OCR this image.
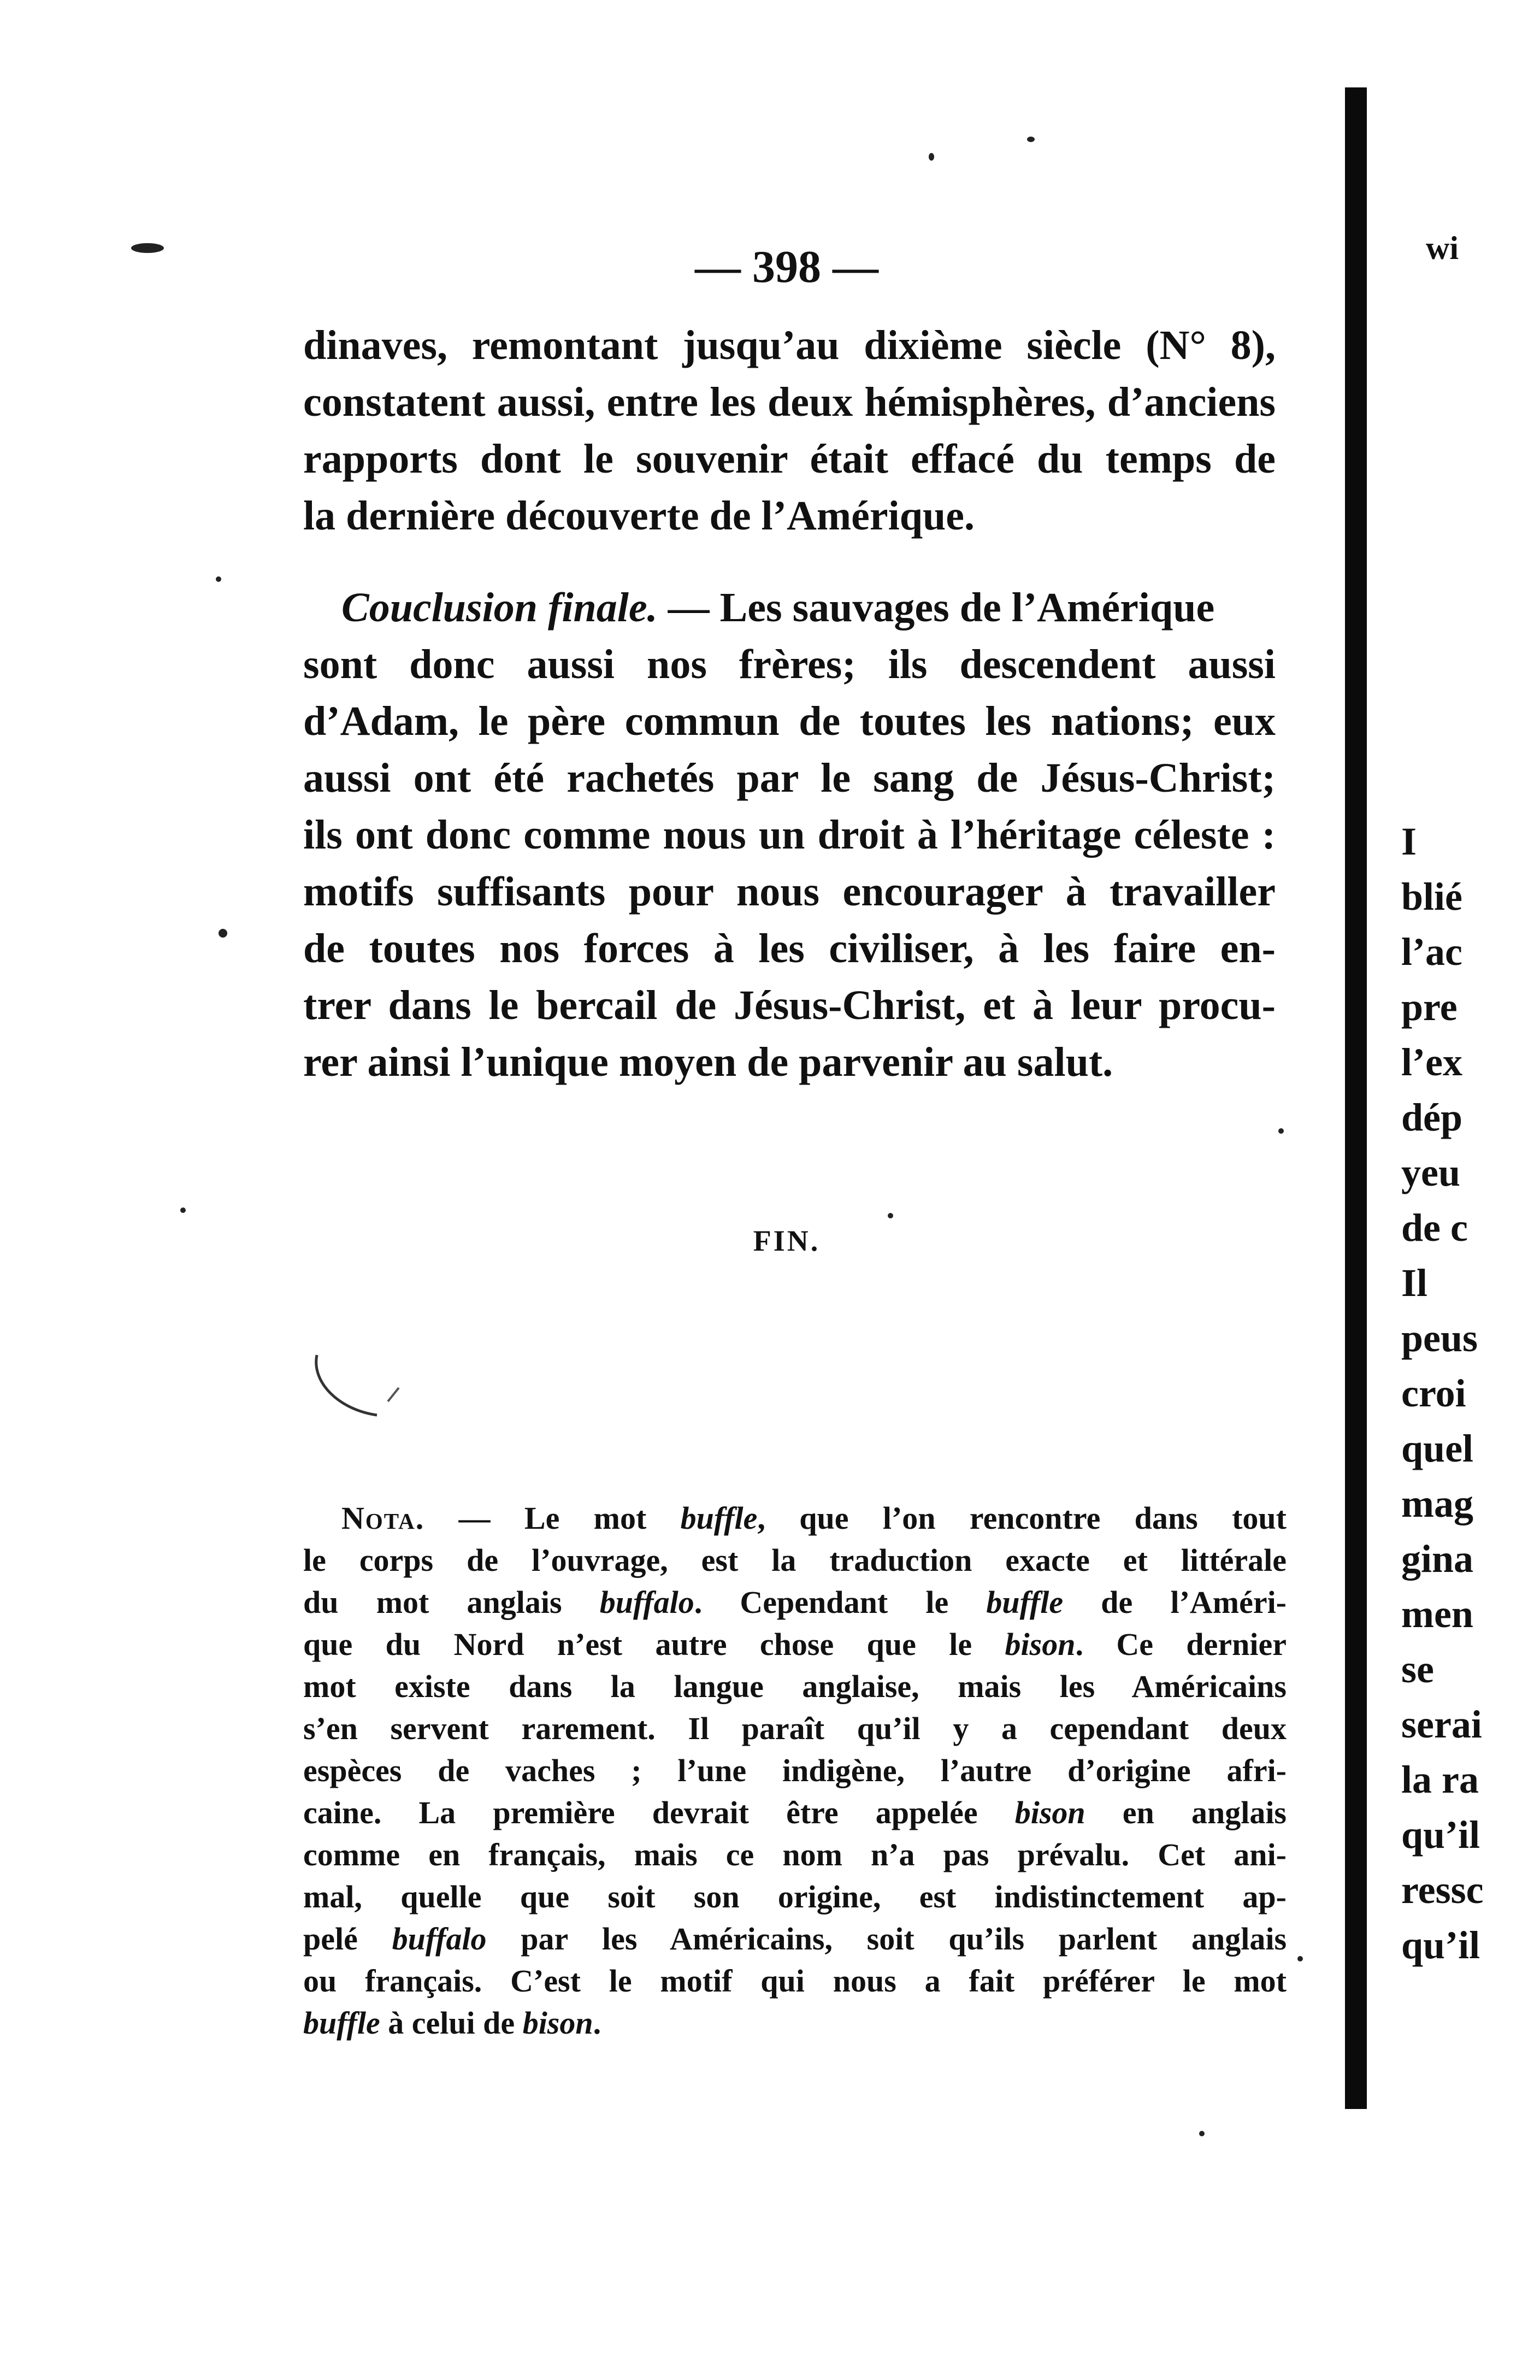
— 398 —
dinaves, remontant jusqu’au dixième siècle (N° 8),
constatent aussi, entre les deux hémisphères, d’anciens
rapports dont le souvenir était effacé du temps de
la dernière découverte de l’Amérique.
Couclusion finale. — Les sauvages de l’Amérique
sont donc aussi nos frères; ils descendent aussi
d’Adam, le père commun de toutes les nations; eux
aussi ont été rachetés par le sang de Jésus-Christ;
ils ont donc comme nous un droit à l’héritage céleste :
motifs suffisants pour nous encourager à travailler
de toutes nos forces à les civiliser, à les faire en-
trer dans le bercail de Jésus-Christ, et à leur procu-
rer ainsi l’unique moyen de parvenir au salut.
FIN.
Nota. — Le mot buffle, que l’on rencontre dans tout
le corps de l’ouvrage, est la traduction exacte et littérale
du mot anglais buffalo. Cependant le buffle de l’Améri-
que du Nord n’est autre chose que le bison. Ce dernier
mot existe dans la langue anglaise, mais les Américains
s’en servent rarement. Il paraît qu’il y a cependant deux
espèces de vaches ; l’une indigène, l’autre d’origine afri-
caine. La première devrait être appelée bison en anglais
comme en français, mais ce nom n’a pas prévalu. Cet ani-
mal, quelle que soit son origine, est indistinctement ap-
pelé buffalo par les Américains, soit qu’ils parlent anglais
ou français. C’est le motif qui nous a fait préférer le mot
buffle à celui de bison.
wi
I
blié
l’ac
pre
l’ex
dép
yeu
de c
Il
peus
croi
quel
mag
gina
men
se
serai
la ra
qu’il
ressc
qu’il
